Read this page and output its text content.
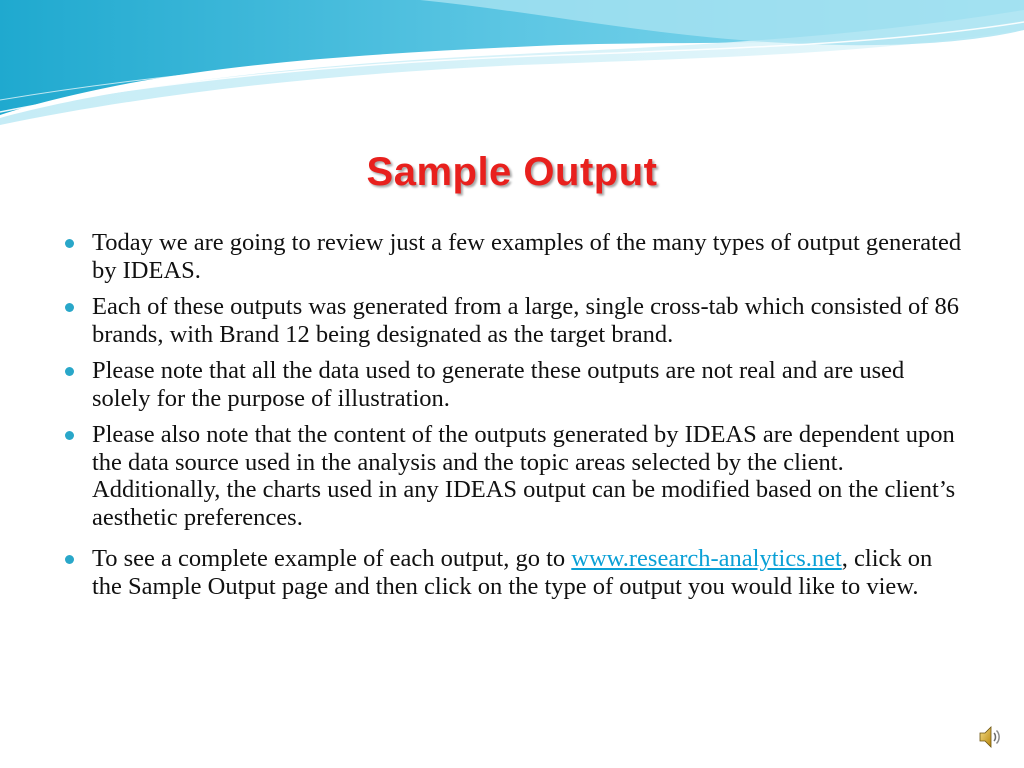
Sample Output
Today we are going to review just a few examples of the many types of output generated by IDEAS.
Each of these outputs was generated from a large, single cross-tab which consisted of 86 brands, with Brand 12 being designated as the target brand.
Please note that all the data used to generate these outputs are not real and are used solely for the purpose of illustration.
Please also note that the content of the outputs generated by IDEAS are dependent upon the data source used in the analysis and the topic areas selected by the client. Additionally, the charts used in any IDEAS output can be modified based on the client’s aesthetic preferences.
To see a complete example of each output, go to www.research-analytics.net, click on the Sample Output page and then click on the type of output you would like to view.
